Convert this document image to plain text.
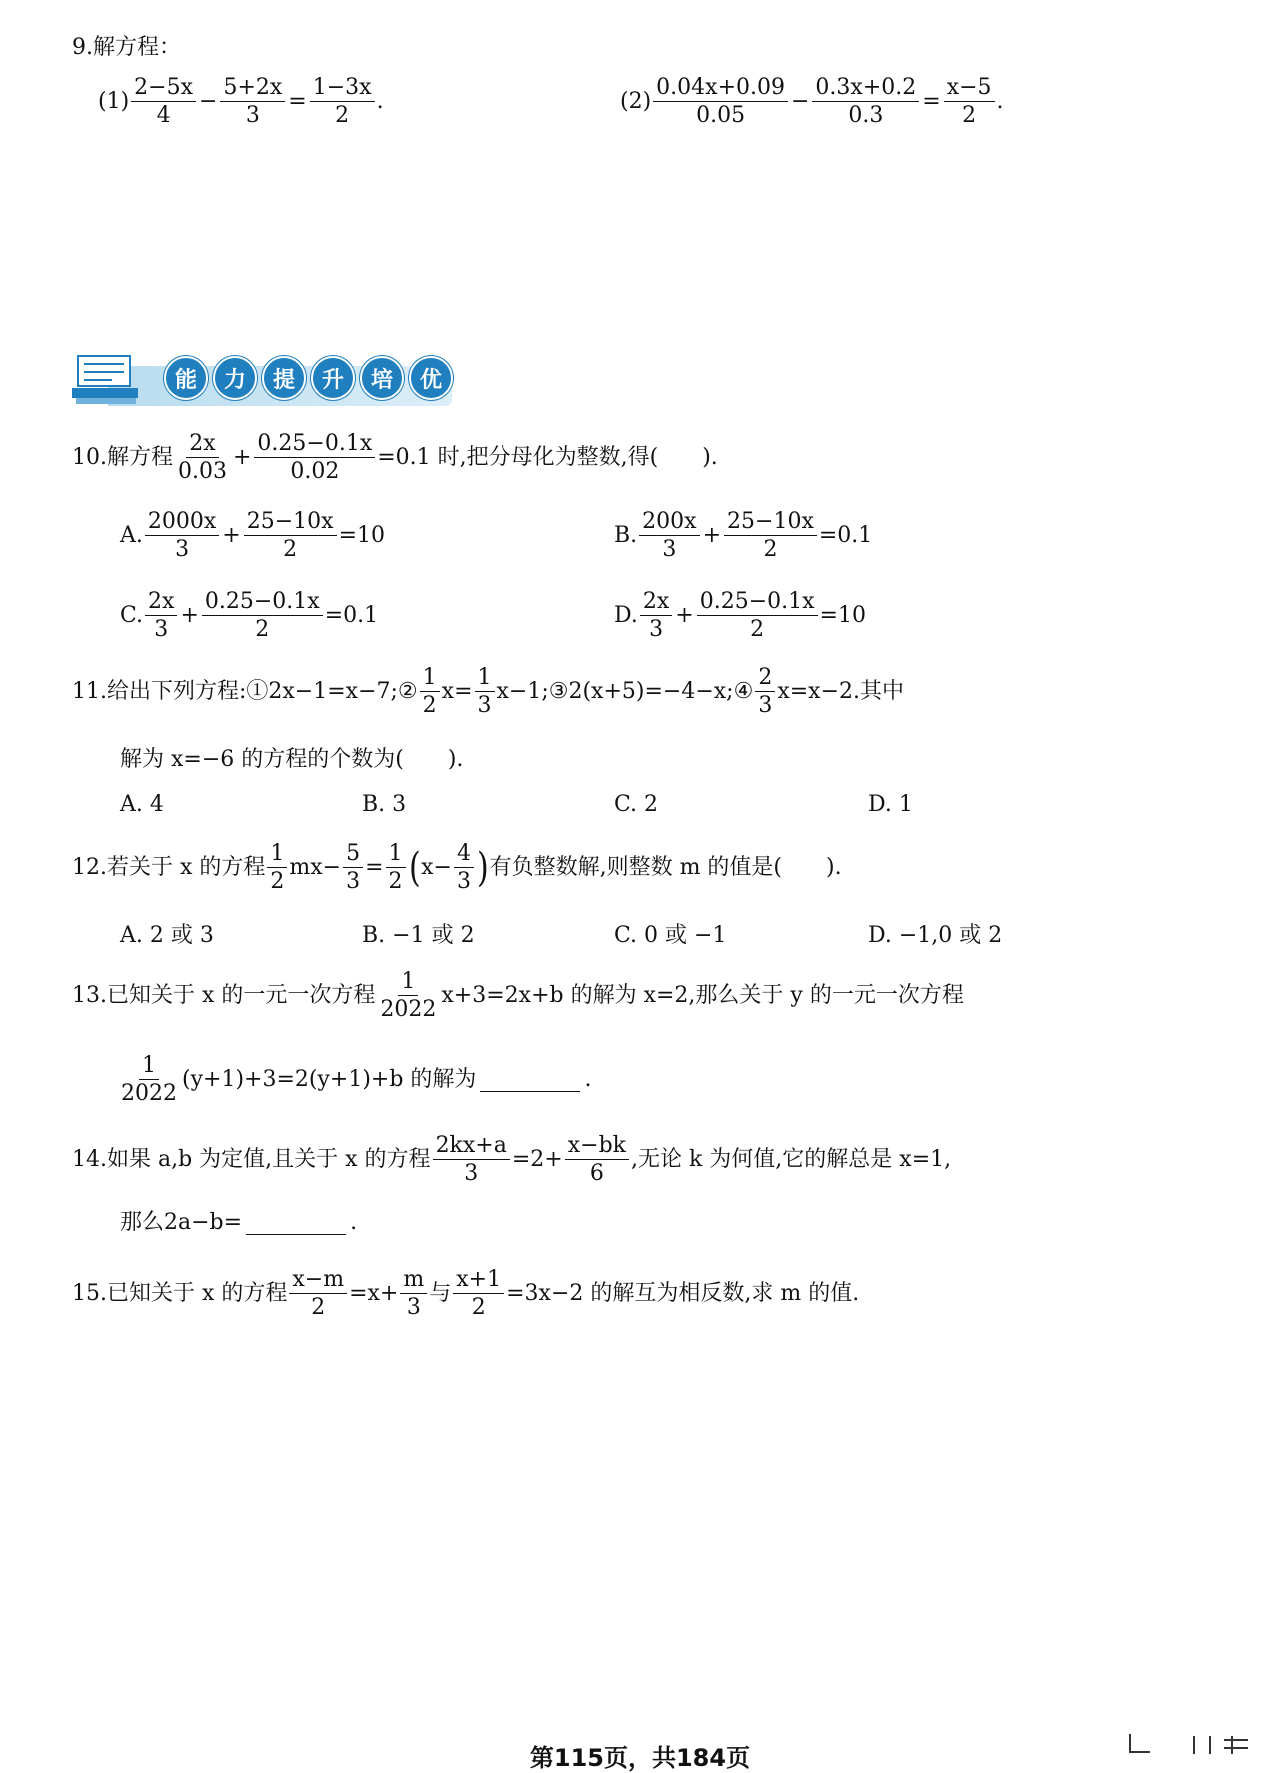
9.解方程：
$(1) \frac{2-5x}{4} - \frac{5+2x}{3} = \frac{1-3x}{2}$ .	$(2) \frac{0.04x+0.09}{0.05} - \frac{0.3x+0.2}{0.3} = \frac{x-5}{2}$ .
能	力	提	升	培	优
10.解方程 $\frac{2x}{0.03} + \frac{0.25-0.1x}{0.02} =0.1$ 时,把分母化为整数,得(　　).
A. $\frac{2000x}{3} + \frac{25-10x}{2} =10$	B. $\frac{200x}{3} + \frac{25-10x}{2} =0.1$
C. $\frac{2x}{3} + \frac{0.25-0.1x}{2} =0.1$	D. $\frac{2x}{3} + \frac{0.25-0.1x}{2} =10$
11.给出下列方程:①2x−1=x−7;② $\frac{1}{2} x= \frac{1}{3}$ x−1;③2(x+5)=−4−x;④ $\frac{2}{3} x=x-2$.其中
解为 x=−6 的方程的个数为(　　).
A. 4	B. 3	C. 2	D. 1
12.若关于 x 的方程 $\frac{1}{2} mx- \frac{5}{3} = \frac{1}{2}$ ( $x- \frac{4}{3}$ ) 有负整数解,则整数 m 的值是(　　).
A. 2 或 3	B. −1 或 2	C. 0 或 −1	D. −1,0 或 2
13.已知关于 x 的一元一次方程 $\frac{1}{2022} x+3=2x+b$ 的解为 x=2,那么关于 y 的一元一次方程
$\frac{1}{2022} (y+1)+3=2(y+1)+b$ 的解为	.
14.如果 a,b 为定值,且关于 x 的方程 $\frac{2kx+a}{3} =2+ \frac{x-bk}{6}$ ,无论 k 为何值,它的解总是 x=1,
那么2a−b=	.
15.已知关于 x 的方程 $\frac{x-m}{2} =x+ \frac{m}{3}$ 与 $\frac{x+1}{2} =3x-2$ 的解互为相反数,求 m 的值.
第115页，共184页
